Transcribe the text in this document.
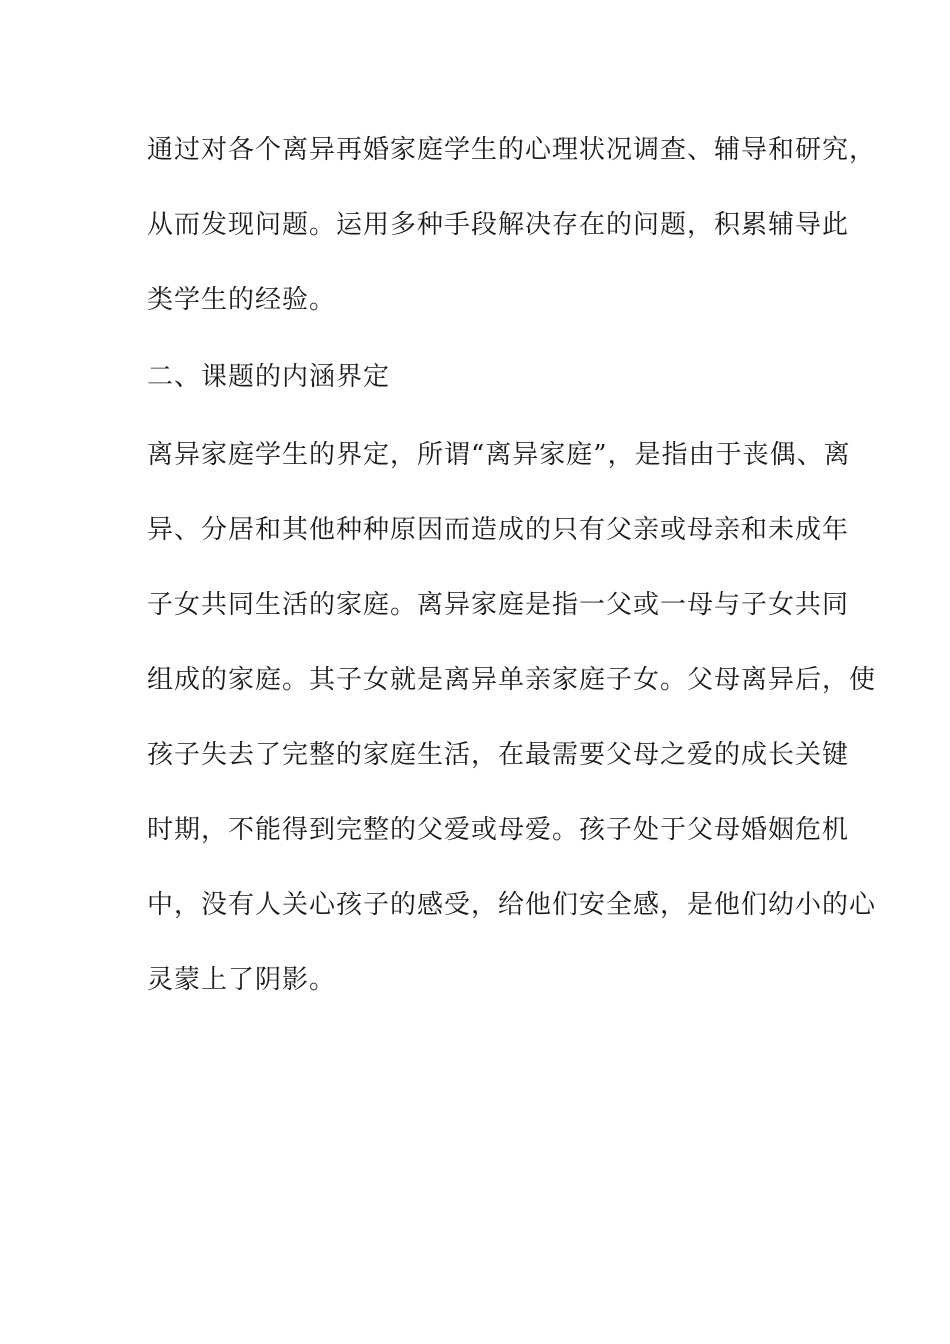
通过对各个离异再婚家庭学生的心理状况调查、辅导和研究，
从而发现问题。运用多种手段解决存在的问题，积累辅导此
类学生的经验。
二、课题的内涵界定
离异家庭学生的界定，所谓“离异家庭”，是指由于丧偶、离
异、分居和其他种种原因而造成的只有父亲或母亲和未成年
子女共同生活的家庭。离异家庭是指一父或一母与子女共同
组成的家庭。其子女就是离异单亲家庭子女。父母离异后，使
孩子失去了完整的家庭生活，在最需要父母之爱的成长关键
时期，不能得到完整的父爱或母爱。孩子处于父母婚姻危机
中，没有人关心孩子的感受，给他们安全感，是他们幼小的心
灵蒙上了阴影。
